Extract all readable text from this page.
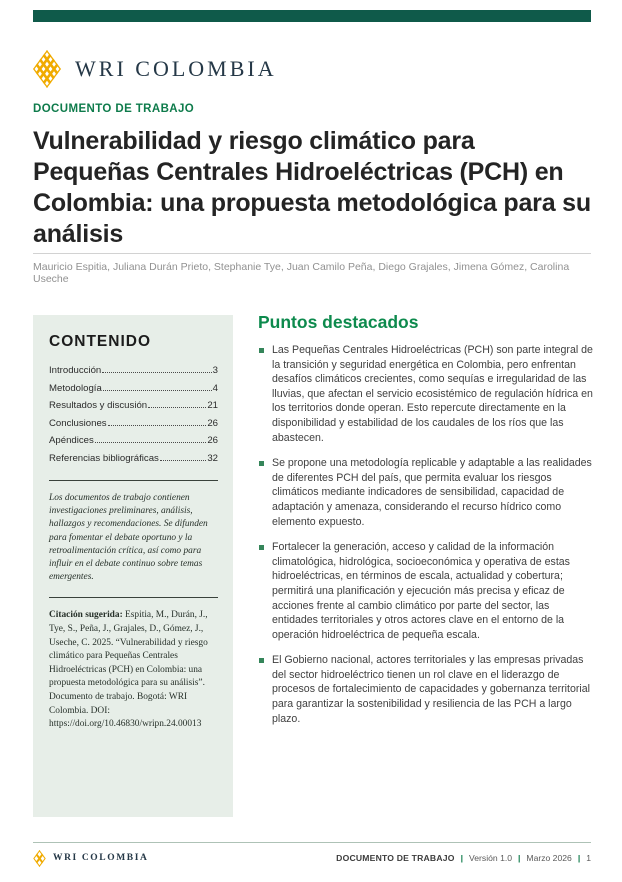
WRI COLOMBIA
DOCUMENTO DE TRABAJO
Vulnerabilidad y riesgo climático para Pequeñas Centrales Hidroeléctricas (PCH) en Colombia: una propuesta metodológica para su análisis
Mauricio Espitia, Juliana Durán Prieto, Stephanie Tye, Juan Camilo Peña, Diego Grajales, Jimena Gómez, Carolina Useche
CONTENIDO
Introducción	3
Metodología	4
Resultados y discusión	21
Conclusiones	26
Apéndices	26
Referencias bibliográficas	32

Los documentos de trabajo contienen investigaciones preliminares, análisis, hallazgos y recomendaciones. Se difunden para fomentar el debate oportuno y la retroalimentación crítica, así como para influir en el debate continuo sobre temas emergentes.

Citación sugerida: Espitia, M., Durán, J., Tye, S., Peña, J., Grajales, D., Gómez, J., Useche, C. 2025. “Vulnerabilidad y riesgo climático para Pequeñas Centrales Hidroeléctricas (PCH) en Colombia: una propuesta metodológica para su análisis”. Documento de trabajo. Bogotá: WRI Colombia. DOI: https://doi.org/10.46830/wripn.24.00013

Puntos destacados
Las Pequeñas Centrales Hidroeléctricas (PCH) son parte integral de la transición y seguridad energética en Colombia, pero enfrentan desafíos climáticos crecientes, como sequías e irregularidad de las lluvias, que afectan el servicio ecosistémico de regulación hídrica en los territorios donde operan. Esto repercute directamente en la disponibilidad y estabilidad de los caudales de los ríos que las abastecen.
Se propone una metodología replicable y adaptable a las realidades de diferentes PCH del país, que permita evaluar los riesgos climáticos mediante indicadores de sensibilidad, capacidad de adaptación y amenaza, considerando el recurso hídrico como elemento expuesto.
Fortalecer la generación, acceso y calidad de la información climatológica, hidrológica, socioeconómica y operativa de estas hidroeléctricas, en términos de escala, actualidad y cobertura; permitirá una planificación y ejecución más precisa y eficaz de acciones frente al cambio climático por parte del sector, las entidades territoriales y otros actores clave en el entorno de la operación hidroeléctrica de pequeña escala.
El Gobierno nacional, actores territoriales y las empresas privadas del sector hidroeléctrico tienen un rol clave en el liderazgo de procesos de fortalecimiento de capacidades y gobernanza territorial para garantizar la sostenibilidad y resiliencia de las PCH a largo plazo.
WRI COLOMBIA	DOCUMENTO DE TRABAJO | Versión 1.0 | Marzo 2026 | 1
